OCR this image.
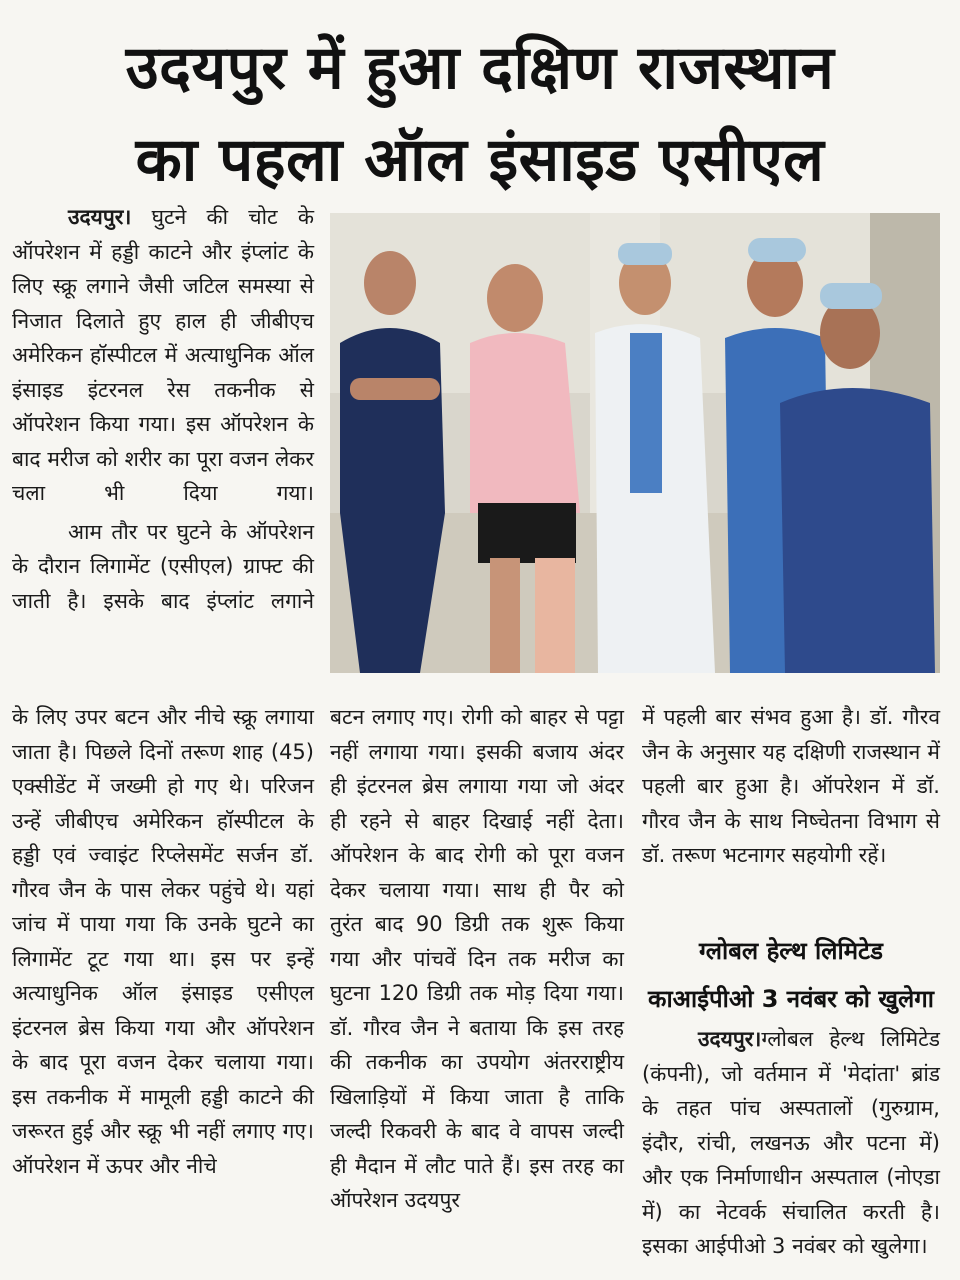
उदयपुर में हुआ दक्षिण राजस्थान
का पहला ऑल इंसाइड एसीएल

उदयपुर। घुटने की चोट के ऑपरेशन में हड्डी काटने और इंप्लांट के लिए स्क्रू लगाने जैसी जटिल समस्या से निजात दिलाते हुए हाल ही जीबीएच अमेरिकन हॉस्पीटल में अत्याधुनिक ऑल इंसाइड इंटरनल रेस तकनीक से ऑपरेशन किया गया। इस ऑपरेशन के बाद मरीज को शरीर का पूरा वजन लेकर चला भी दिया गया।

आम तौर पर घुटने के ऑपरेशन के दौरान लिगामेंट (एसीएल) ग्राफ्ट की जाती है। इसके बाद इंप्लांट लगाने

के लिए उपर बटन और नीचे स्क्रू लगाया जाता है। पिछले दिनों तरूण शाह (45) एक्सीडेंट में जख्मी हो गए थे। परिजन उन्हें जीबीएच अमेरिकन हॉस्पीटल के हड्डी एवं ज्वाइंट रिप्लेसमेंट सर्जन डॉ. गौरव जैन के पास लेकर पहुंचे थे। यहां जांच में पाया गया कि उनके घुटने का लिगामेंट टूट गया था। इस पर इन्हें अत्याधुनिक ऑल इंसाइड एसीएल इंटरनल ब्रेस किया गया और ऑपरेशन के बाद पूरा वजन देकर चलाया गया। इस तकनीक में मामूली हड्डी काटने की जरूरत हुई और स्क्रू भी नहीं लगाए गए। ऑपरेशन में ऊपर और नीचे

बटन लगाए गए। रोगी को बाहर से पट्टा नहीं लगाया गया। इसकी बजाय अंदर ही इंटरनल ब्रेस लगाया गया जो अंदर ही रहने से बाहर दिखाई नहीं देता। ऑपरेशन के बाद रोगी को पूरा वजन देकर चलाया गया। साथ ही पैर को तुरंत बाद 90 डिग्री तक शुरू किया गया और पांचवें दिन तक मरीज का घुटना 120 डिग्री तक मोड़ दिया गया। डॉ. गौरव जैन ने बताया कि इस तरह की तकनीक का उपयोग अंतरराष्ट्रीय खिलाड़ियों में किया जाता है ताकि जल्दी रिकवरी के बाद वे वापस जल्दी ही मैदान में लौट पाते हैं। इस तरह का ऑपरेशन उदयपुर

में पहली बार संभव हुआ है। डॉ. गौरव जैन के अनुसार यह दक्षिणी राजस्थान में पहली बार हुआ है। ऑपरेशन में डॉ. गौरव जैन के साथ निष्चेतना विभाग से डॉ. तरूण भटनागर सहयोगी रहें।

ग्लोबल हेल्थ लिमिटेड
काआईपीओ 3 नवंबर को खुलेगा

उदयपुर।ग्लोबल हेल्थ लिमिटेड (कंपनी), जो वर्तमान में 'मेदांता' ब्रांड के तहत पांच अस्पतालों (गुरुग्राम, इंदौर, रांची, लखनऊ और पटना में) और एक निर्माणाधीन अस्पताल (नोएडा में) का नेटवर्क संचालित करती है। इसका आईपीओ 3 नवंबर को खुलेगा।
